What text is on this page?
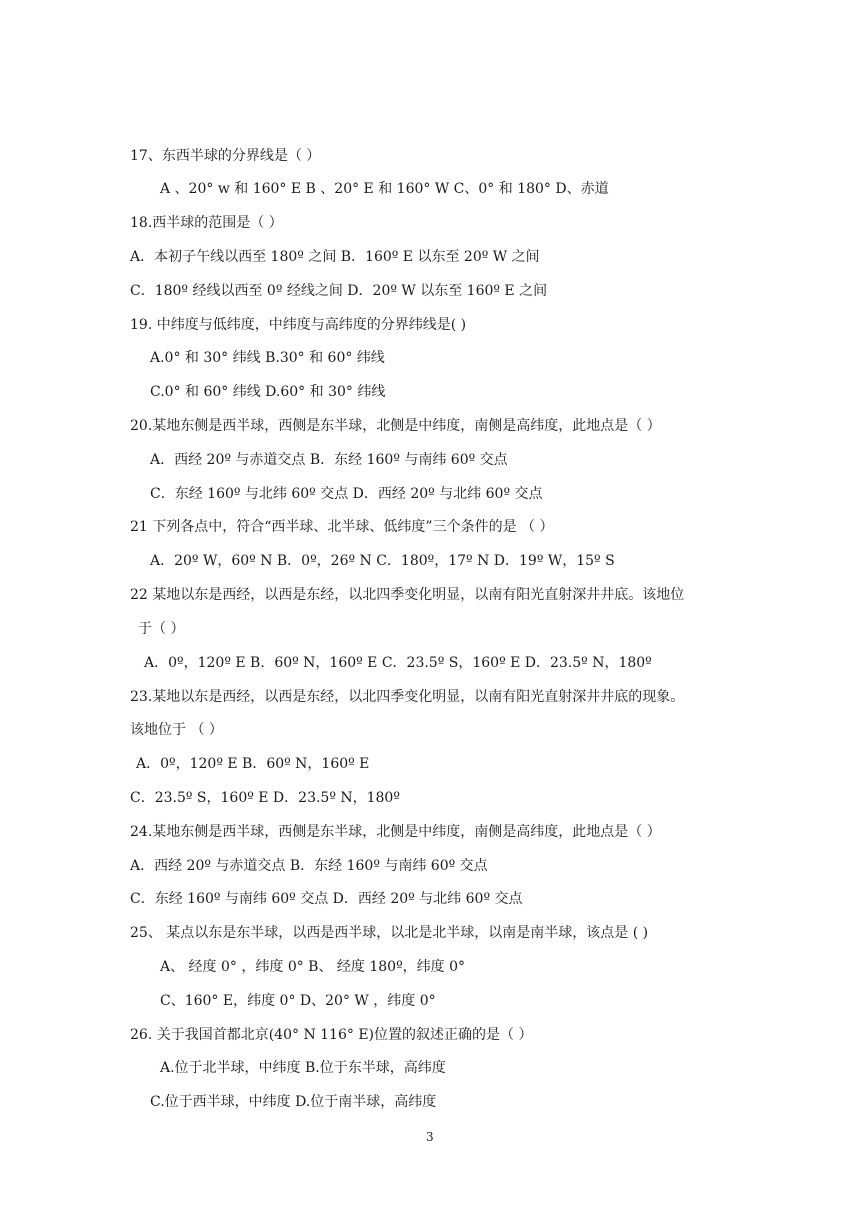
17、东西半球的分界线是（ ）
A 、20° w 和 160° E B 、20° E 和 160° W C、0° 和 180° D、赤道
18.西半球的范围是（ ）
A．本初子午线以西至 180º 之间 B．160º E 以东至 20º W 之间
C．180º 经线以西至 0º 经线之间 D．20º W 以东至 160º E 之间
19. 中纬度与低纬度，中纬度与高纬度的分界纬线是( )
A.0° 和 30° 纬线 B.30° 和 60° 纬线
C.0° 和 60° 纬线 D.60° 和 30° 纬线
20.某地东侧是西半球，西侧是东半球，北侧是中纬度，南侧是高纬度，此地点是（ ）
A．西经 20º 与赤道交点 B．东经 160º 与南纬 60º 交点
C．东经 160º 与北纬 60º 交点 D．西经 20º 与北纬 60º 交点
21 下列各点中，符合“西半球、北半球、低纬度”三个条件的是 （ ）
A．20º W，60º N B．0º，26º N C．180º，17º N D．19º W，15º S
22 某地以东是西经，以西是东经，以北四季变化明显，以南有阳光直射深井井底。该地位
于（ ）
A．0º，120º E B．60º N，160º E C．23.5º S，160º E D．23.5º N，180º
23.某地以东是西经，以西是东经，以北四季变化明显，以南有阳光直射深井井底的现象。
该地位于 （ ）
A．0º，120º E B．60º N，160º E
C．23.5º S，160º E D．23.5º N，180º
24.某地东侧是西半球，西侧是东半球，北侧是中纬度，南侧是高纬度，此地点是（ ）
A．西经 20º 与赤道交点 B．东经 160º 与南纬 60º 交点
C．东经 160º 与南纬 60º 交点 D．西经 20º 与北纬 60º 交点
25、 某点以东是东半球，以西是西半球，以北是北半球，以南是南半球，该点是 ( )
A、 经度 0° ，纬度 0° B、 经度 180º，纬度 0°
C、160° E，纬度 0° D、20° W ，纬度 0°
26. 关于我国首都北京(40° N 116° E)位置的叙述正确的是（ ）
A.位于北半球，中纬度 B.位于东半球，高纬度
C.位于西半球，中纬度 D.位于南半球，高纬度
3
